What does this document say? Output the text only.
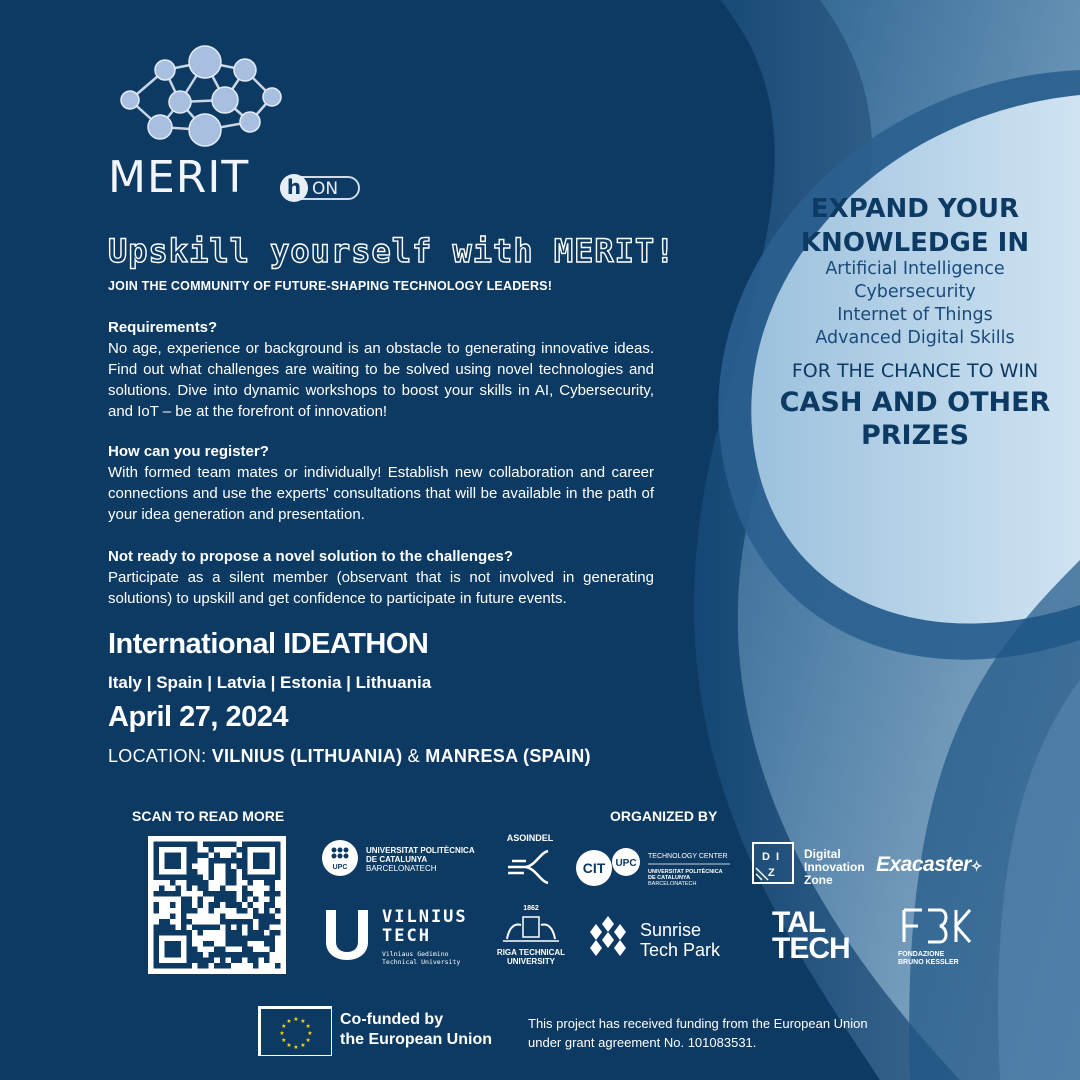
MERIT	h ON
Upskill yourself with MERIT!
JOIN THE COMMUNITY OF FUTURE-SHAPING TECHNOLOGY LEADERS!
Requirements?

No age, experience or background is an obstacle to generating innovative ideas. Find out what challenges are waiting to be solved using novel technologies and solutions. Dive into dynamic workshops to boost your skills in AI, Cybersecurity, and IoT – be at the forefront of innovation!

How can you register?

With formed team mates or individually! Establish new collaboration and career connections and use the experts' consultations that will be available in the path of your idea generation and presentation.

Not ready to propose a novel solution to the challenges?

Participate as a silent member (observant that is not involved in generating solutions) to upskill and get confidence to participate in future events.

International IDEATHON
Italy | Spain | Latvia | Estonia | Lithuania
April 27, 2024
LOCATION: VILNIUS (LITHUANIA) & MANRESA (SPAIN)
EXPAND YOUR
KNOWLEDGE IN
Artificial Intelligence
Cybersecurity
Internet of Things
Advanced Digital Skills
FOR THE CHANCE TO WIN
CASH AND OTHER
PRIZES
SCAN TO READ MORE	ORGANIZED BY
UPC
UNIVERSITAT POLITÈCNICA
DE CATALUNYA
BARCELONATECH
ASOINDEL
CIT UPC
TECHNOLOGY CENTER
UNIVERSITAT POLITÈCNICA
DE CATALUNYA
BARCELONATECH
D I
Z
Digital
Innovation
Zone
Exacaster✧
VILNIUS
TECH
Vilniaus Gedimino
Technical University
1862
RIGA TECHNICAL
UNIVERSITY
Sunrise
Tech Park
TAL
TECH	FONDAZIONE
BRUNO KESSLER
★
★
★
★
★
★
★
★
★ ★ ★
★ Co-funded by
the European Union
This project has received funding from the European Union under grant agreement No. 101083531.
